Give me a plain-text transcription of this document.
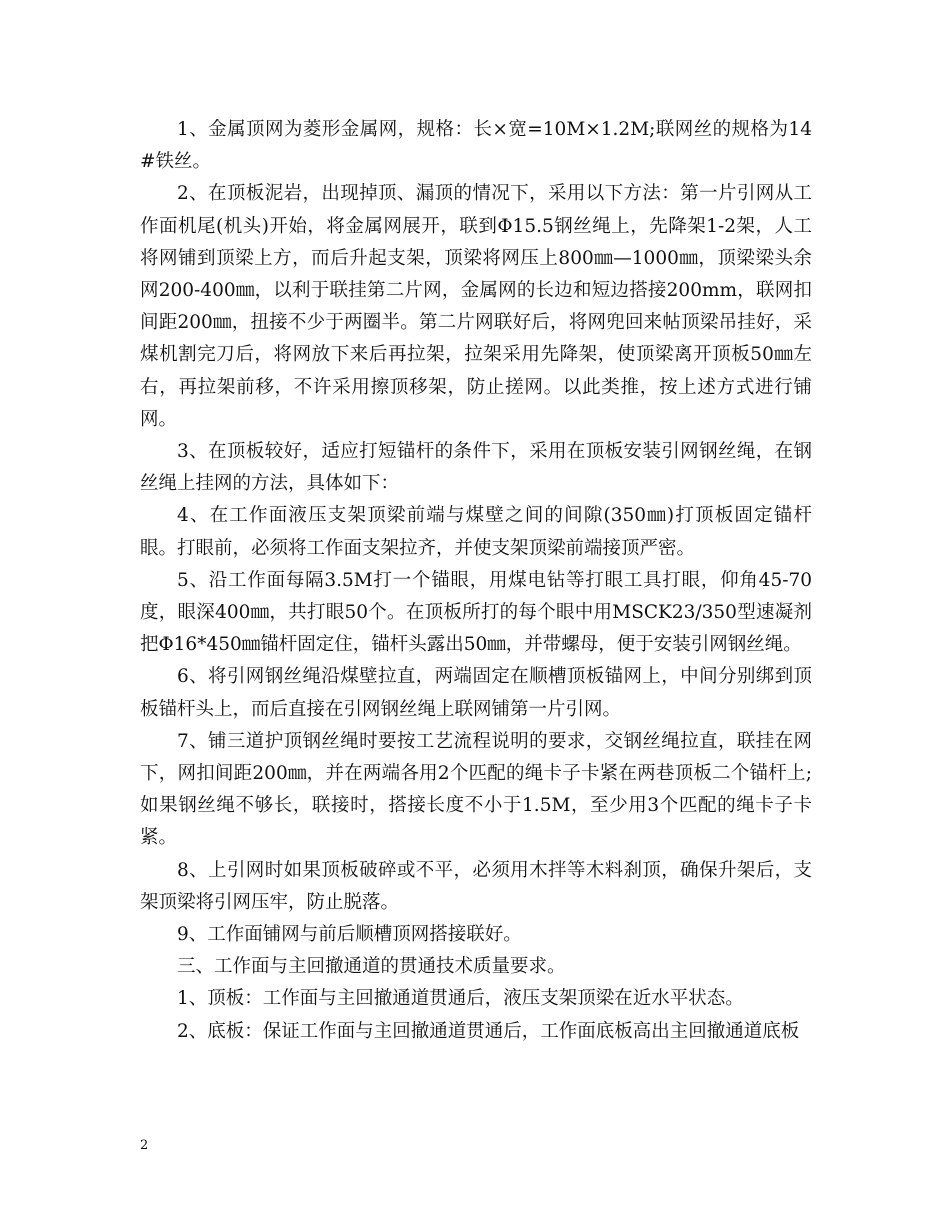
1、金属顶网为菱形金属网，规格：长×宽=10M×1.2M;联网丝的规格为14#铁丝。

2、在顶板泥岩，出现掉顶、漏顶的情况下，采用以下方法：第一片引网从工作面机尾(机头)开始，将金属网展开，联到Φ15.5钢丝绳上，先降架1-2架，人工将网铺到顶梁上方，而后升起支架，顶梁将网压上800㎜—1000㎜，顶梁梁头余网200-400㎜，以利于联挂第二片网，金属网的长边和短边搭接200mm，联网扣间距200㎜，扭接不少于两圈半。第二片网联好后，将网兜回来帖顶梁吊挂好，采煤机割完刀后，将网放下来后再拉架，拉架采用先降架，使顶梁离开顶板50㎜左右，再拉架前移，不许采用擦顶移架，防止搓网。以此类推，按上述方式进行铺网。

3、在顶板较好，适应打短锚杆的条件下，采用在顶板安装引网钢丝绳，在钢丝绳上挂网的方法，具体如下：

4、在工作面液压支架顶梁前端与煤壁之间的间隙(350㎜)打顶板固定锚杆眼。打眼前，必须将工作面支架拉齐，并使支架顶梁前端接顶严密。

5、沿工作面每隔3.5M打一个锚眼，用煤电钻等打眼工具打眼，仰角45-70度，眼深400㎜，共打眼50个。在顶板所打的每个眼中用MSCK23/350型速凝剂把Φ16*450㎜锚杆固定住，锚杆头露出50㎜，并带螺母，便于安装引网钢丝绳。

6、将引网钢丝绳沿煤壁拉直，两端固定在顺槽顶板锚网上，中间分别绑到顶板锚杆头上，而后直接在引网钢丝绳上联网铺第一片引网。

7、铺三道护顶钢丝绳时要按工艺流程说明的要求，交钢丝绳拉直，联挂在网下，网扣间距200㎜，并在两端各用2个匹配的绳卡子卡紧在两巷顶板二个锚杆上;如果钢丝绳不够长，联接时，搭接长度不小于1.5M，至少用3个匹配的绳卡子卡紧。

8、上引网时如果顶板破碎或不平，必须用木拌等木料刹顶，确保升架后，支架顶梁将引网压牢，防止脱落。

9、工作面铺网与前后顺槽顶网搭接联好。

三、工作面与主回撤通道的贯通技术质量要求。

1、顶板：工作面与主回撤通道贯通后，液压支架顶梁在近水平状态。

2、底板：保证工作面与主回撤通道贯通后，工作面底板高出主回撤通道底板

2
